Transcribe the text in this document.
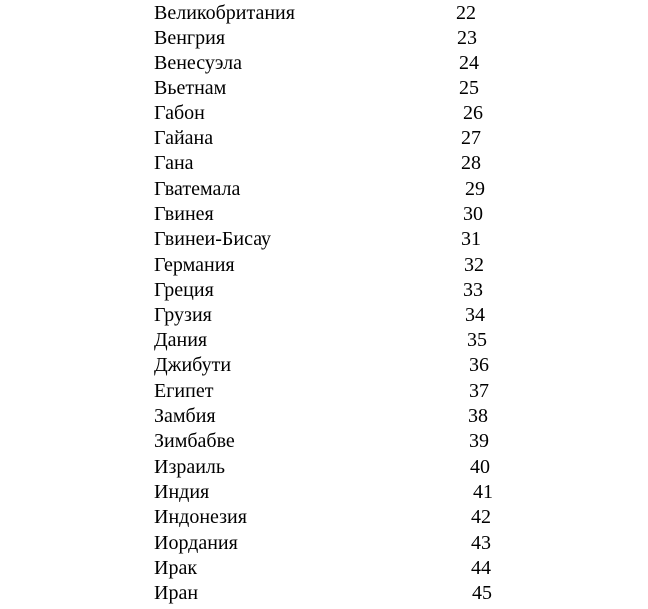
Великобритания	22
Венгрия	23
Венесуэла	24
Вьетнам	25
Габон	26
Гайана	27
Гана	28
Гватемала	29
Гвинея	30
Гвинеи-Бисау	31
Германия	32
Греция	33
Грузия	34
Дания	35
Джибути	36
Египет	37
Замбия	38
Зимбабве	39
Израиль	40
Индия	41
Индонезия	42
Иордания	43
Ирак	44
Иран	45
